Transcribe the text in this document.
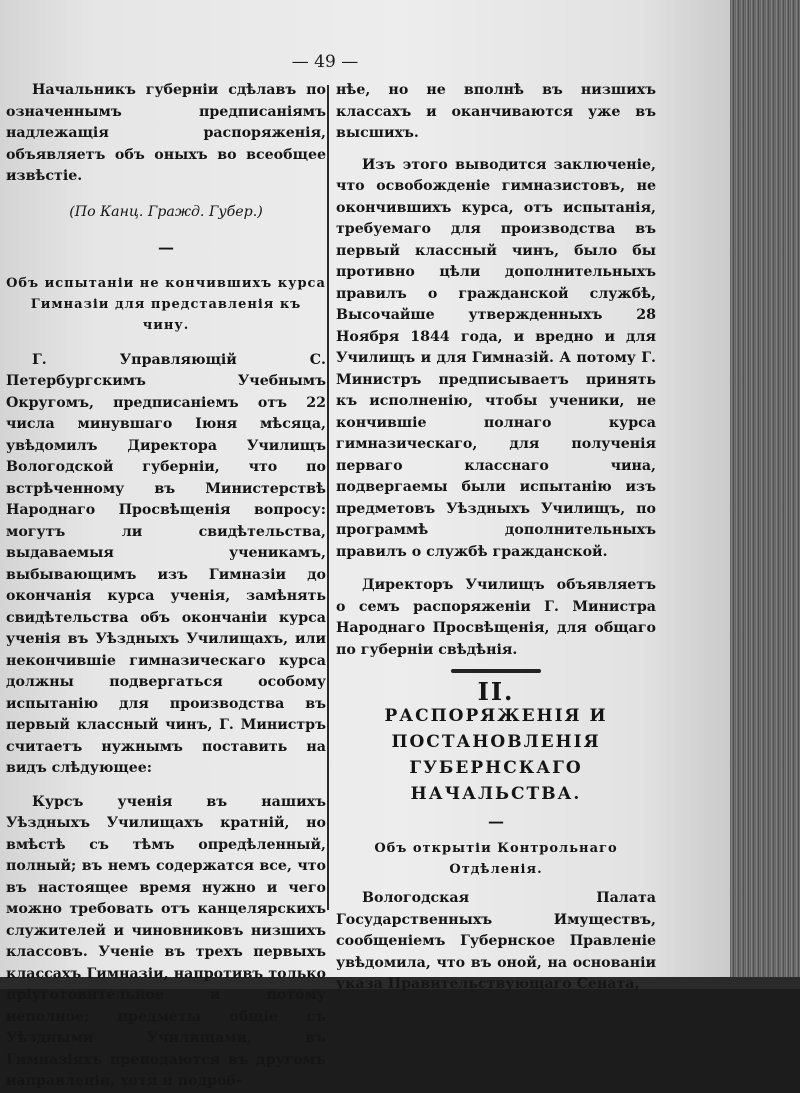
— 49 —

Начальникъ губерніи сдѣлавъ по означеннымъ предписаніямъ надлежащія распоряженія, объявляетъ объ оныхъ во всеобщее извѣстіе.

(По Канц. Гражд. Губер.)

—

Объ испытаніи не кончившихъ курса Гимназіи для представленія къ чину.

Г. Управляющій С. Петербургскимъ Учебнымъ Округомъ, предписаніемъ отъ 22 числа минувшаго Іюня мѣсяца, увѣдомилъ Директора Училищъ Вологодской губерніи, что по встрѣченному въ Министерствѣ Народнаго Просвѣщенія вопросу: могутъ ли свидѣтельства, выдаваемыя ученикамъ, выбывающимъ изъ Гимназіи до окончанія курса ученія, замѣнять свидѣтельства объ окончаніи курса ученія въ Уѣздныхъ Училищахъ, или некончившіе гимназическаго курса должны подвергаться особому испытанію для производства въ первый классный чинъ, Г. Министръ считаетъ нужнымъ поставить на видъ слѣдующее:

Курсъ ученія въ нашихъ Уѣздныхъ Училищахъ кратній, но вмѣстѣ съ тѣмъ опредѣленный, полный; въ немъ содержатся все, что въ настоящее время нужно и чего можно требовать отъ канцелярскихъ служителей и чиновниковъ низшихъ классовъ. Ученіе въ трехъ первыхъ классахъ Гимназіи, напротивъ только пріуготовительное и потому неполное; предметы общіе съ Уѣздными Училищами, въ Гимназіяхъ преподаются въ другомъ направленіи, хотя и подроб-

нѣе, но не вполнѣ въ низшихъ классахъ и оканчиваются уже въ высшихъ.

Изъ этого выводится заключеніе, что освобожденіе гимназистовъ, не окончившихъ курса, отъ испытанія, требуемаго для производства въ первый классный чинъ, было бы противно цѣли дополнительныхъ правилъ о гражданской службѣ, Высочайше утвержденныхъ 28 Ноября 1844 года, и вредно и для Училищъ и для Гимназій. А потому Г. Министръ предписываетъ принять къ исполненію, чтобы ученики, не кончившіе полнаго курса гимназическаго, для полученія перваго класснаго чина, подвергаемы были испытанію изъ предметовъ Уѣздныхъ Училищъ, по программѣ дополнительныхъ правилъ о службѣ гражданской.

Директоръ Училищъ объявляетъ о семъ распоряженіи Г. Министра Народнаго Просвѣщенія, для общаго по губерніи свѣдѣнія.

II.

РАСПОРЯЖЕНІЯ И ПОСТАНОВЛЕНІЯ ГУБЕРНСКАГО НАЧАЛЬСТВА.

—

Объ открытіи Контрольнаго Отдѣленія.

Вологодская Палата Государственныхъ Имуществъ, сообщеніемъ Губернское Правленіе увѣдомила, что въ оной, на основаніи указа Правительствующаго Сената,
